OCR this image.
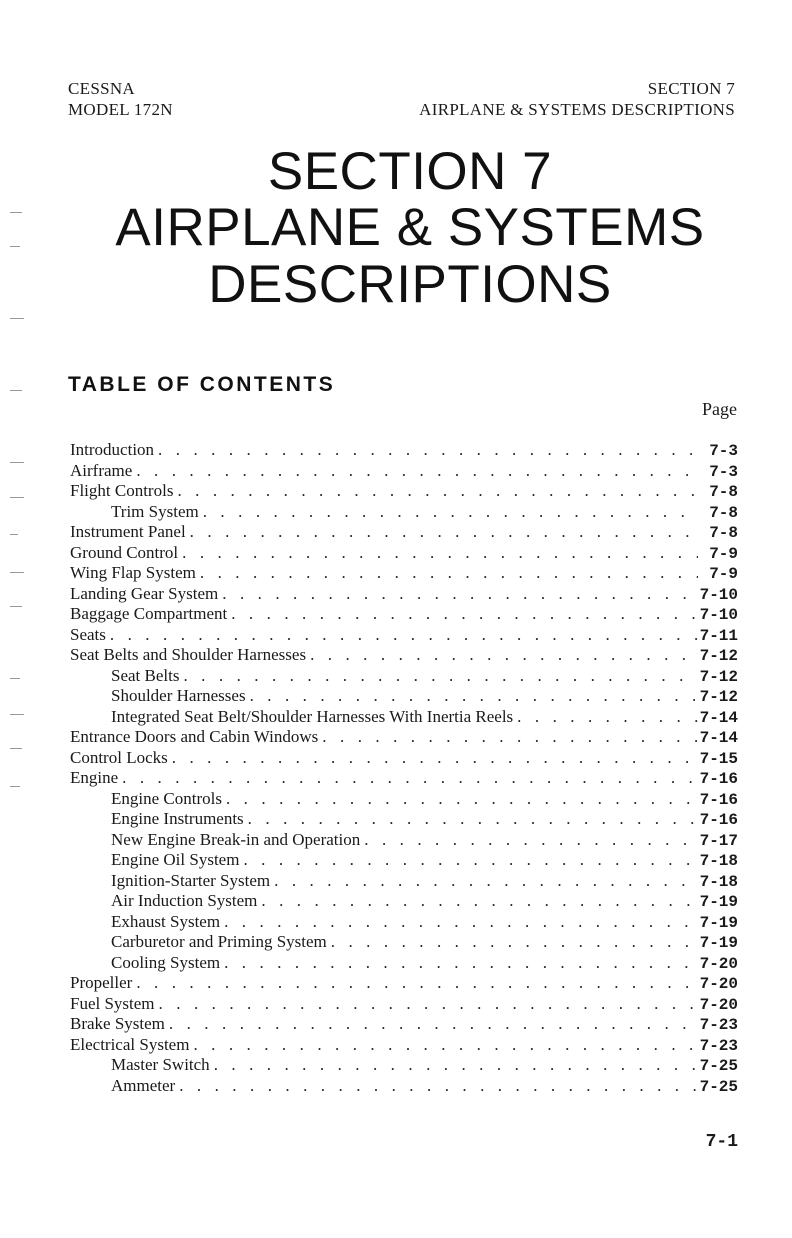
CESSNA
MODEL 172N
SECTION 7
AIRPLANE & SYSTEMS DESCRIPTIONS
SECTION 7
AIRPLANE & SYSTEMS
DESCRIPTIONS
TABLE OF CONTENTS
Page
Introduction . . .	7-3
Airframe . . .	7-3
Flight Controls . . .	7-8
Trim System . . .	7-8
Instrument Panel . . .	7-8
Ground Control . . .	7-9
Wing Flap System . . .	7-9
Landing Gear System . . .	7-10
Baggage Compartment . . .	7-10
Seats . . .	7-11
Seat Belts and Shoulder Harnesses . . .	7-12
Seat Belts . . .	7-12
Shoulder Harnesses . . .	7-12
Integrated Seat Belt/Shoulder Harnesses With Inertia Reels . . .	7-14
Entrance Doors and Cabin Windows . . .	7-14
Control Locks . . .	7-15
Engine . . .	7-16
Engine Controls . . .	7-16
Engine Instruments . . .	7-16
New Engine Break-in and Operation . . .	7-17
Engine Oil System . . .	7-18
Ignition-Starter System . . .	7-18
Air Induction System . . .	7-19
Exhaust System . . .	7-19
Carburetor and Priming System . . .	7-19
Cooling System . . .	7-20
Propeller . . .	7-20
Fuel System . . .	7-20
Brake System . . .	7-23
Electrical System . . .	7-23
Master Switch . . .	7-25
Ammeter . . .	7-25
7-1
